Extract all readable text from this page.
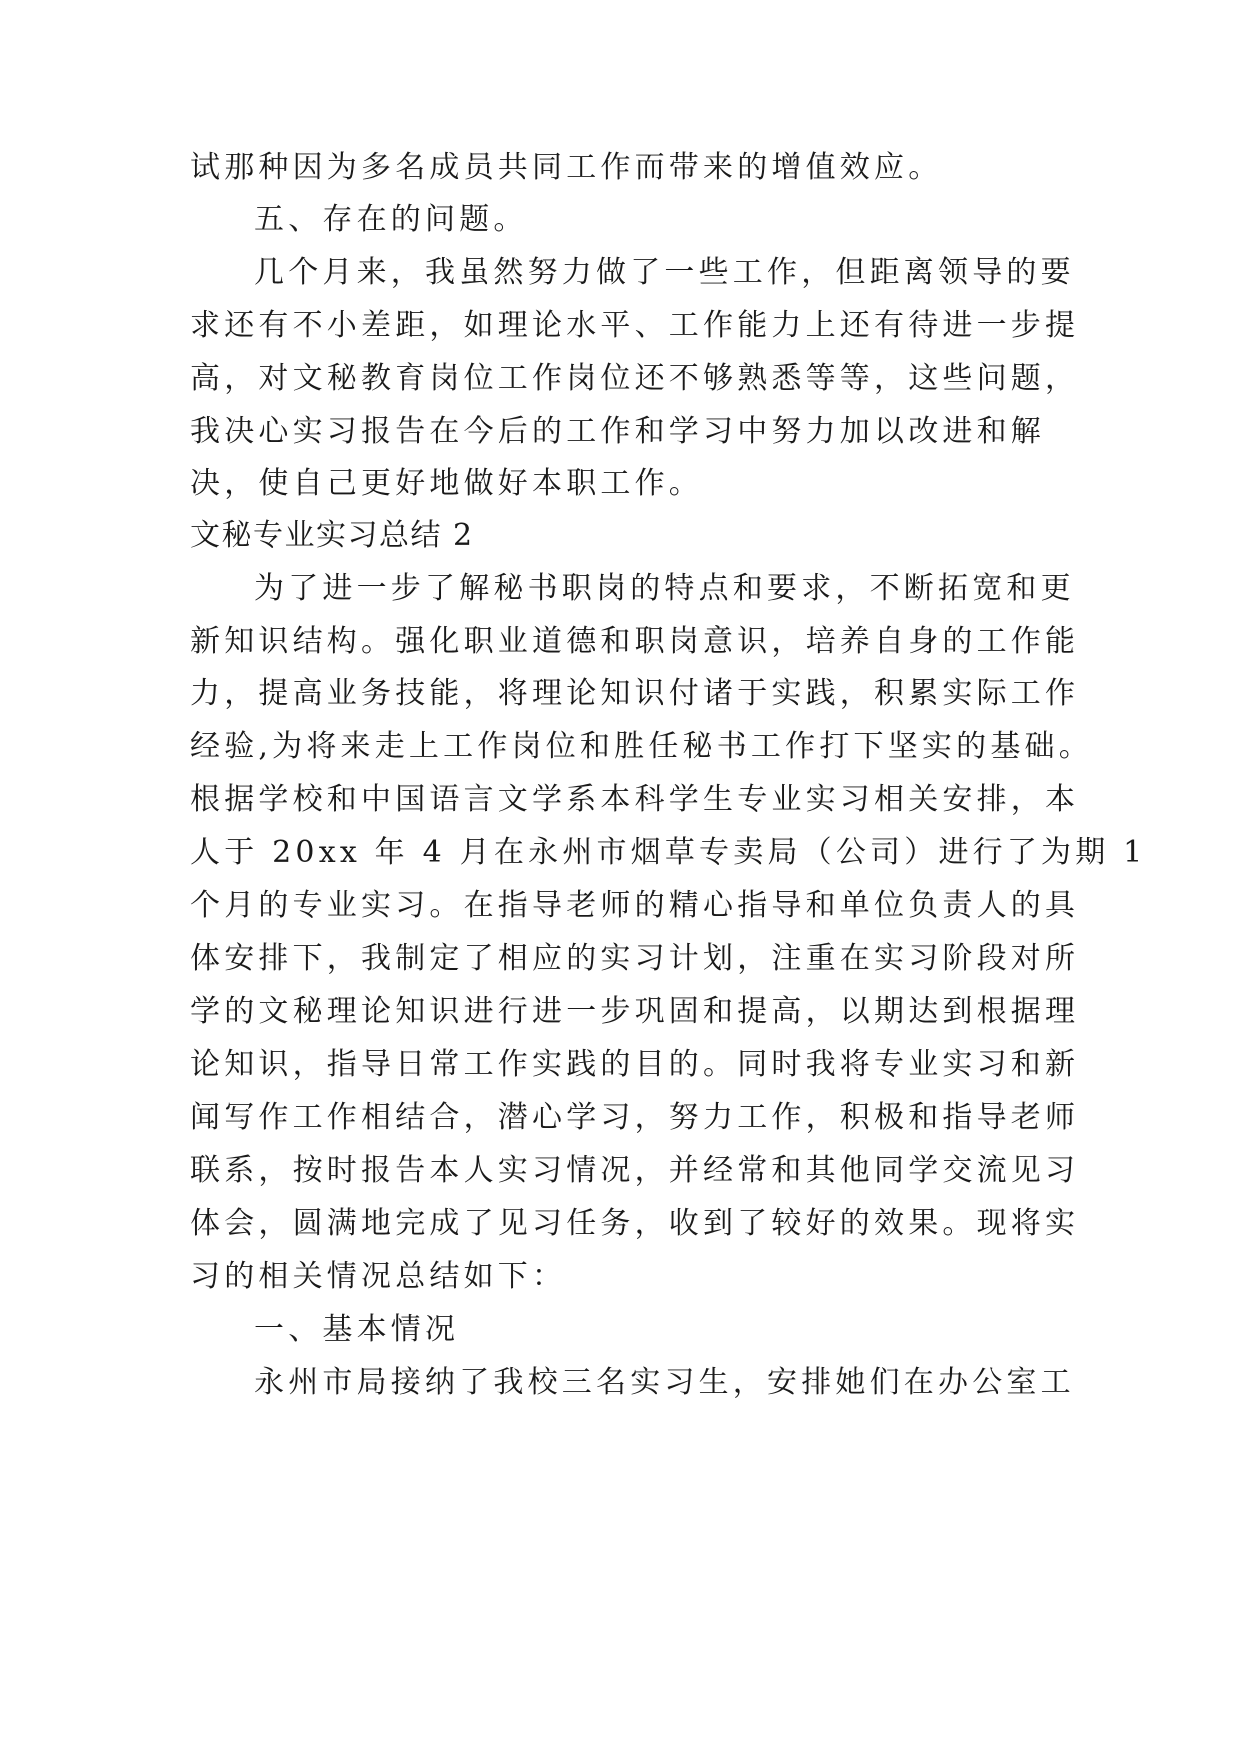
试那种因为多名成员共同工作而带来的增值效应。
五、存在的问题。
几个月来，我虽然努力做了一些工作，但距离领导的要
求还有不小差距，如理论水平、工作能力上还有待进一步提
高，对文秘教育岗位工作岗位还不够熟悉等等，这些问题，
我决心实习报告在今后的工作和学习中努力加以改进和解
决，使自己更好地做好本职工作。
文秘专业实习总结 2
为了进一步了解秘书职岗的特点和要求，不断拓宽和更
新知识结构。强化职业道德和职岗意识，培养自身的工作能
力，提高业务技能，将理论知识付诸于实践，积累实际工作
经验,为将来走上工作岗位和胜任秘书工作打下坚实的基础。
根据学校和中国语言文学系本科学生专业实习相关安排，本
人于 20xx 年 4 月在永州市烟草专卖局（公司）进行了为期 1
个月的专业实习。在指导老师的精心指导和单位负责人的具
体安排下，我制定了相应的实习计划，注重在实习阶段对所
学的文秘理论知识进行进一步巩固和提高，以期达到根据理
论知识，指导日常工作实践的目的。同时我将专业实习和新
闻写作工作相结合，潜心学习，努力工作，积极和指导老师
联系，按时报告本人实习情况，并经常和其他同学交流见习
体会，圆满地完成了见习任务，收到了较好的效果。现将实
习的相关情况总结如下：
一、基本情况
永州市局接纳了我校三名实习生，安排她们在办公室工
